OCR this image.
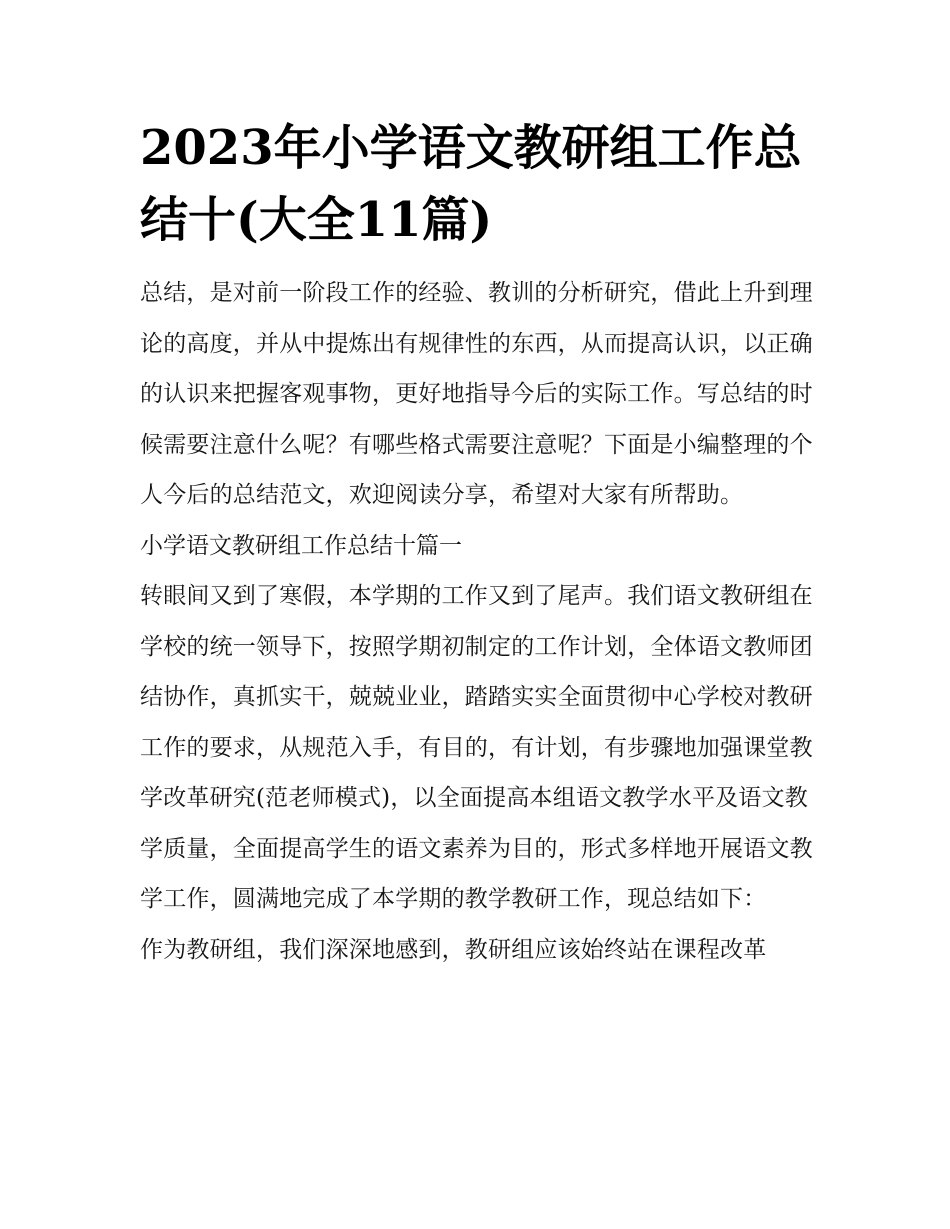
2023年小学语文教研组工作总结十(大全11篇)

总结，是对前一阶段工作的经验、教训的分析研究，借此上升到理论的高度，并从中提炼出有规律性的东西，从而提高认识，以正确的认识来把握客观事物，更好地指导今后的实际工作。写总结的时候需要注意什么呢？有哪些格式需要注意呢？下面是小编整理的个人今后的总结范文，欢迎阅读分享，希望对大家有所帮助。

小学语文教研组工作总结十篇一

转眼间又到了寒假，本学期的工作又到了尾声。我们语文教研组在学校的统一领导下，按照学期初制定的工作计划，全体语文教师团结协作，真抓实干，兢兢业业，踏踏实实全面贯彻中心学校对教研工作的要求，从规范入手，有目的，有计划，有步骤地加强课堂教学改革研究(范老师模式)，以全面提高本组语文教学水平及语文教学质量，全面提高学生的语文素养为目的，形式多样地开展语文教学工作，圆满地完成了本学期的教学教研工作，现总结如下：

作为教研组，我们深深地感到，教研组应该始终站在课程改革
